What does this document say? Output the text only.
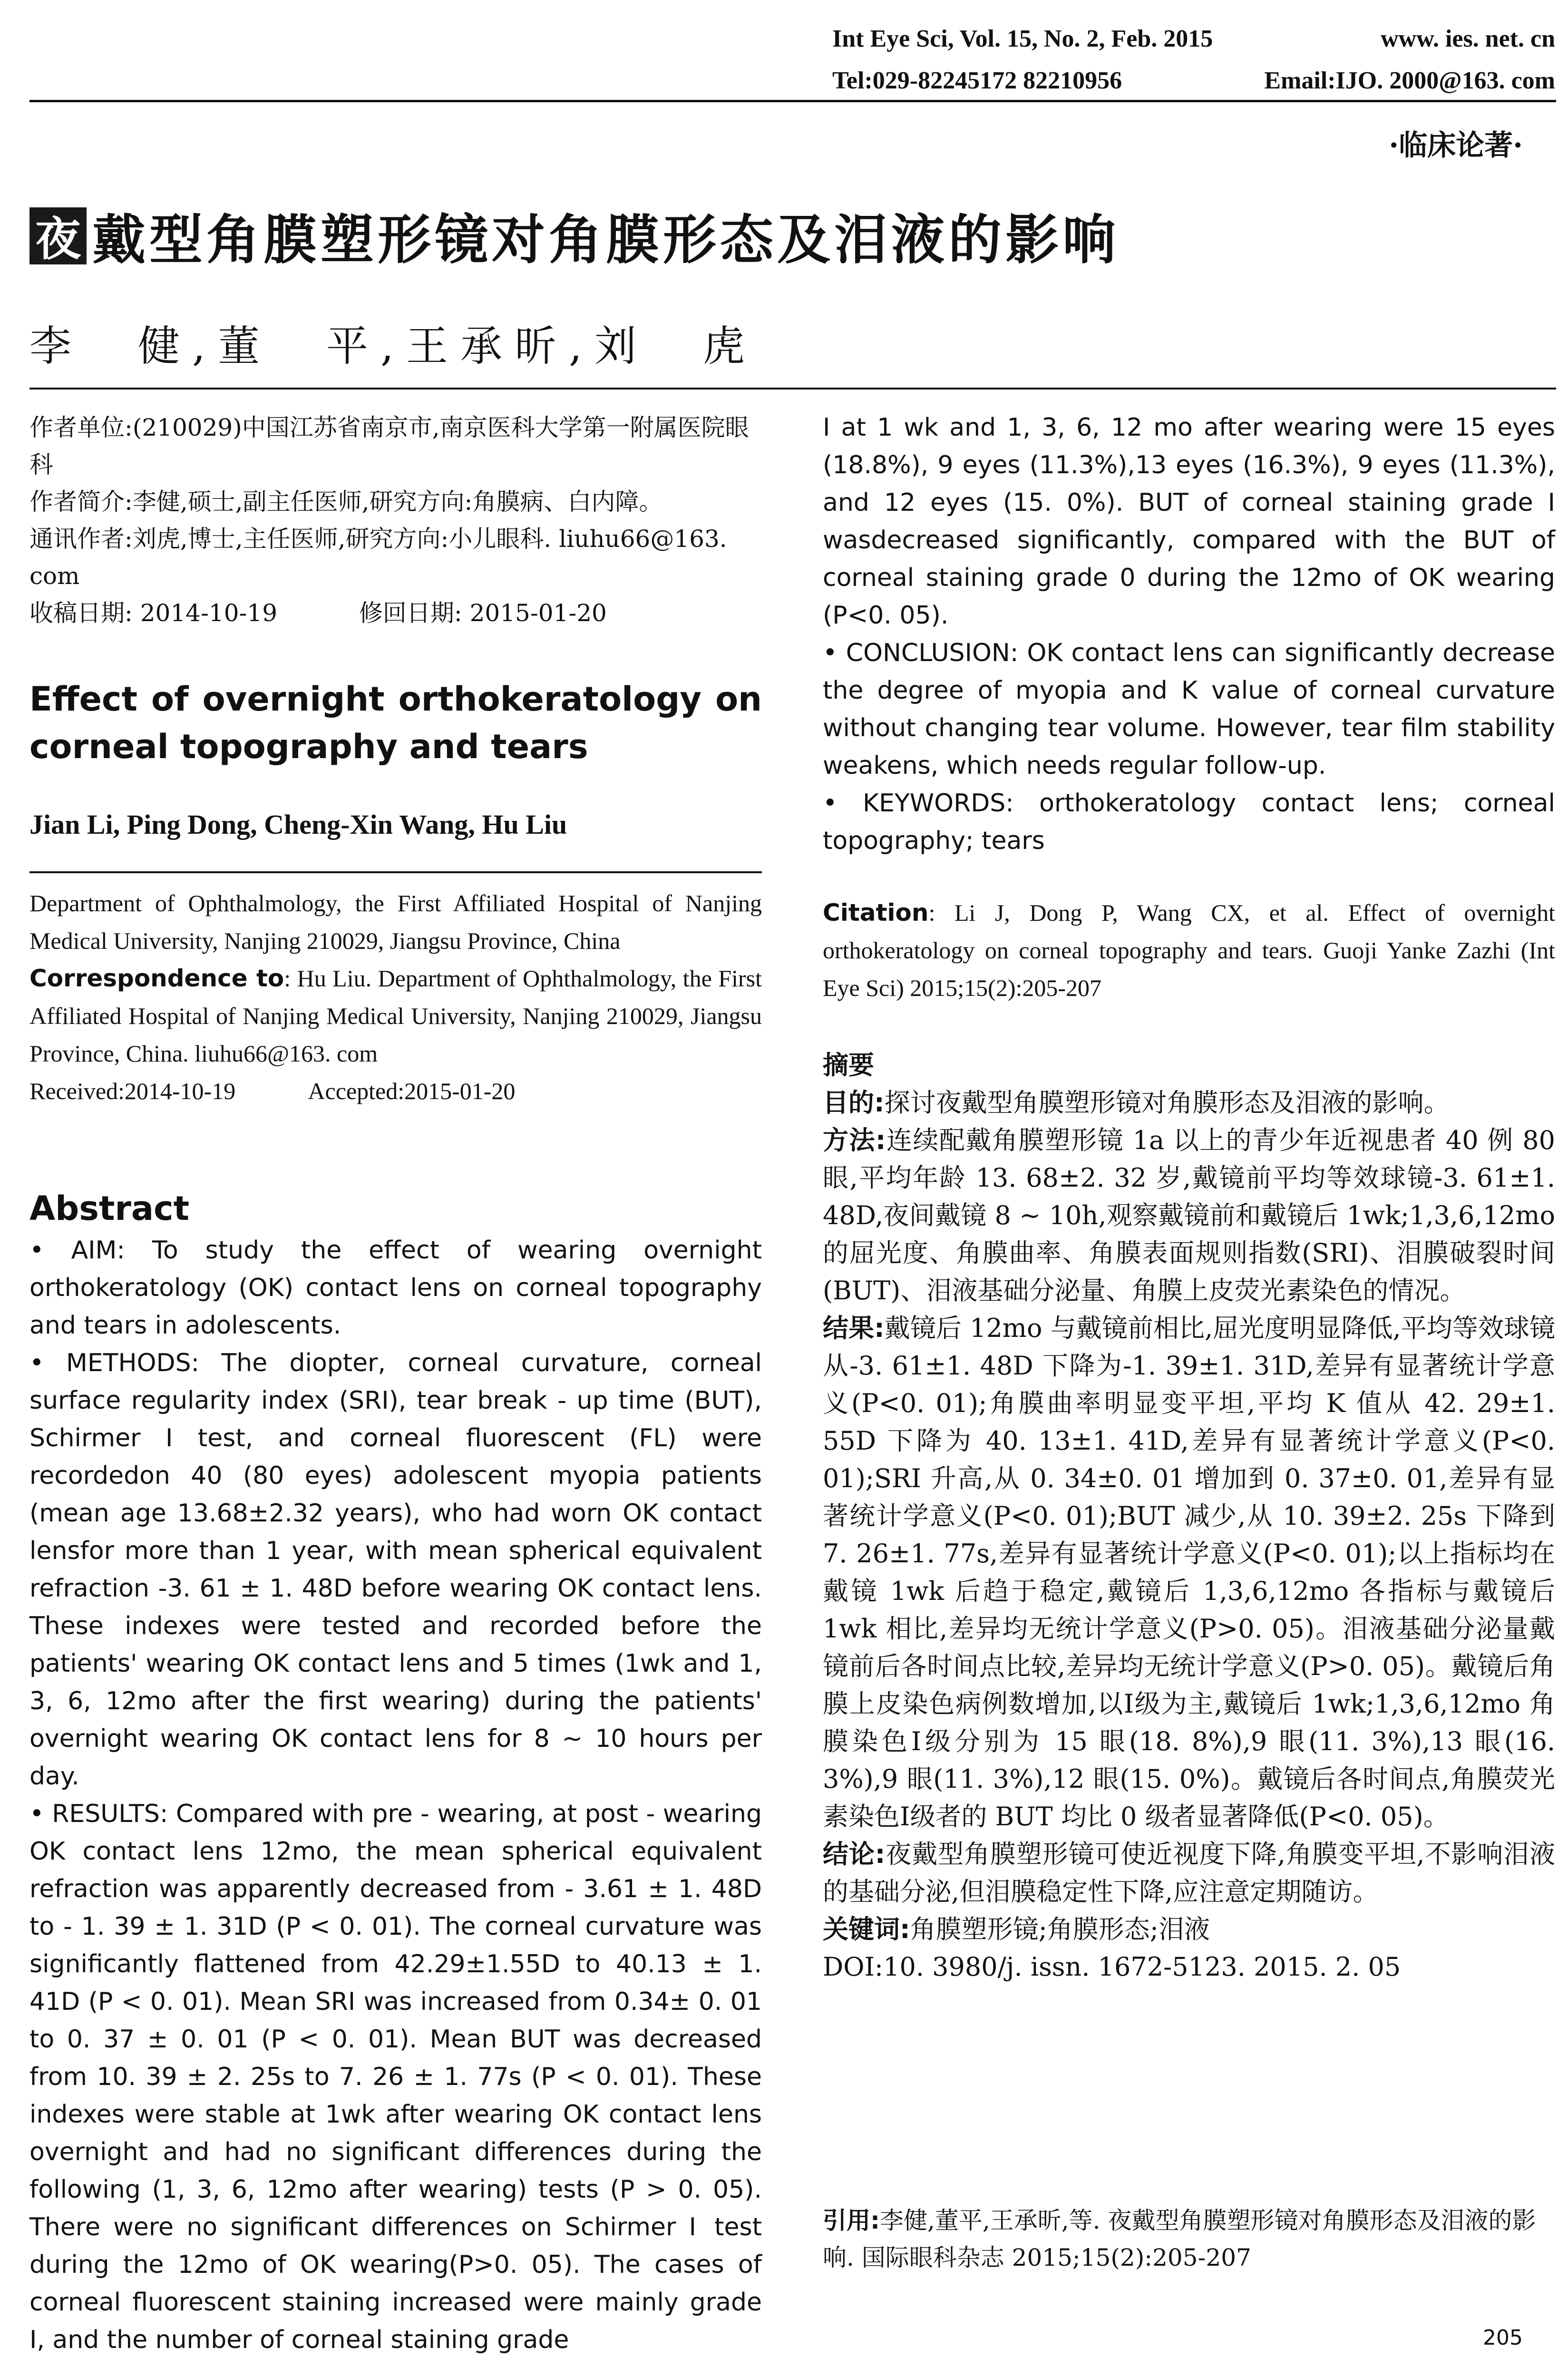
Int Eye Sci, Vol. 15, No. 2, Feb. 2015	www. ies. net. cn
Tel:029-82245172 82210956	Email:IJO. 2000@163. com
·临床论著·
夜 戴型角膜塑形镜对角膜形态及泪液的影响
李　健,董　平,王承昕,刘　虎

作者单位:(210029)中国江苏省南京市,南京医科大学第一附属医院眼科

作者简介:李健,硕士,副主任医师,研究方向:角膜病、白内障。

通讯作者:刘虎,博士,主任医师,研究方向:小儿眼科. liuhu66@163. com

收稿日期: 2014-10-19	修回日期: 2015-01-20

Effect of overnight orthokeratology on
corneal topography and tears
Jian Li, Ping Dong, Cheng-Xin Wang, Hu Liu

Department of Ophthalmology, the First Affiliated Hospital of Nanjing Medical University, Nanjing 210029, Jiangsu Province, China

Correspondence to: Hu Liu. Department of Ophthalmology, the First Affiliated Hospital of Nanjing Medical University, Nanjing 210029, Jiangsu Province, China. liuhu66@163. com

Received:2014-10-19	Accepted:2015-01-20

Abstract

• AIM: To study the effect of wearing overnight orthokeratology (OK) contact lens on corneal topography and tears in adolescents.

• METHODS: The diopter, corneal curvature, corneal surface regularity index (SRI), tear break - up time (BUT), Schirmer I test, and corneal fluorescent (FL) were recordedon 40 (80 eyes) adolescent myopia patients (mean age 13.68±2.32 years), who had worn OK contact lensfor more than 1 year, with mean spherical equivalent refraction -3. 61 ± 1. 48D before wearing OK contact lens. These indexes were tested and recorded before the patients' wearing OK contact lens and 5 times (1wk and 1, 3, 6, 12mo after the first wearing) during the patients' overnight wearing OK contact lens for 8 ~ 10 hours per day.

• RESULTS: Compared with pre - wearing, at post - wearing OK contact lens 12mo, the mean spherical equivalent refraction was apparently decreased from - 3.61 ± 1. 48D to - 1. 39 ± 1. 31D (P < 0. 01). The corneal curvature was significantly flattened from 42.29±1.55D to 40.13 ± 1. 41D (P < 0. 01). Mean SRI was increased from 0.34± 0. 01 to 0. 37 ± 0. 01 (P < 0. 01). Mean BUT was decreased from 10. 39 ± 2. 25s to 7. 26 ± 1. 77s (P < 0. 01). These indexes were stable at 1wk after wearing OK contact lens overnight and had no significant differences during the following (1, 3, 6, 12mo after wearing) tests (P > 0. 05). There were no significant differences on Schirmer Ⅰ test during the 12mo of OK wearing(P>0. 05). The cases of corneal fluorescent staining increased were mainly grade I, and the number of corneal staining grade

I at 1 wk and 1, 3, 6, 12 mo after wearing were 15 eyes (18.8%), 9 eyes (11.3%),13 eyes (16.3%), 9 eyes (11.3%), and 12 eyes (15. 0%). BUT of corneal staining grade I wasdecreased significantly, compared with the BUT of corneal staining grade 0 during the 12mo of OK wearing (P<0. 05).

• CONCLUSION: OK contact lens can significantly decrease the degree of myopia and K value of corneal curvature without changing tear volume. However, tear film stability weakens, which needs regular follow-up.

• KEYWORDS: orthokeratology contact lens; corneal topography; tears

Citation: Li J, Dong P, Wang CX, et al. Effect of overnight orthokeratology on corneal topography and tears. Guoji Yanke Zazhi (Int Eye Sci) 2015;15(2):205-207

摘要

目的:探讨夜戴型角膜塑形镜对角膜形态及泪液的影响。

方法:连续配戴角膜塑形镜 1a 以上的青少年近视患者 40 例 80 眼,平均年龄 13. 68±2. 32 岁,戴镜前平均等效球镜-3. 61±1. 48D,夜间戴镜 8 ~ 10h,观察戴镜前和戴镜后 1wk;1,3,6,12mo 的屈光度、角膜曲率、角膜表面规则指数(SRI)、泪膜破裂时间(BUT)、泪液基础分泌量、角膜上皮荧光素染色的情况。

结果:戴镜后 12mo 与戴镜前相比,屈光度明显降低,平均等效球镜从-3. 61±1. 48D 下降为-1. 39±1. 31D,差异有显著统计学意义(P<0. 01);角膜曲率明显变平坦,平均 K 值从 42. 29±1. 55D 下降为 40. 13±1. 41D,差异有显著统计学意义(P<0. 01);SRI 升高,从 0. 34±0. 01 增加到 0. 37±0. 01,差异有显著统计学意义(P<0. 01);BUT 减少,从 10. 39±2. 25s 下降到 7. 26±1. 77s,差异有显著统计学意义(P<0. 01);以上指标均在戴镜 1wk 后趋于稳定,戴镜后 1,3,6,12mo 各指标与戴镜后 1wk 相比,差异均无统计学意义(P>0. 05)。泪液基础分泌量戴镜前后各时间点比较,差异均无统计学意义(P>0. 05)。戴镜后角膜上皮染色病例数增加,以I级为主,戴镜后 1wk;1,3,6,12mo 角膜染色I级分别为 15 眼(18. 8%),9 眼(11. 3%),13 眼(16. 3%),9 眼(11. 3%),12 眼(15. 0%)。戴镜后各时间点,角膜荧光素染色I级者的 BUT 均比 0 级者显著降低(P<0. 05)。

结论:夜戴型角膜塑形镜可使近视度下降,角膜变平坦,不影响泪液的基础分泌,但泪膜稳定性下降,应注意定期随访。

关键词:角膜塑形镜;角膜形态;泪液

DOI:10. 3980/j. issn. 1672-5123. 2015. 2. 05

引用:李健,董平,王承昕,等. 夜戴型角膜塑形镜对角膜形态及泪液的影响. 国际眼科杂志 2015;15(2):205-207
205
